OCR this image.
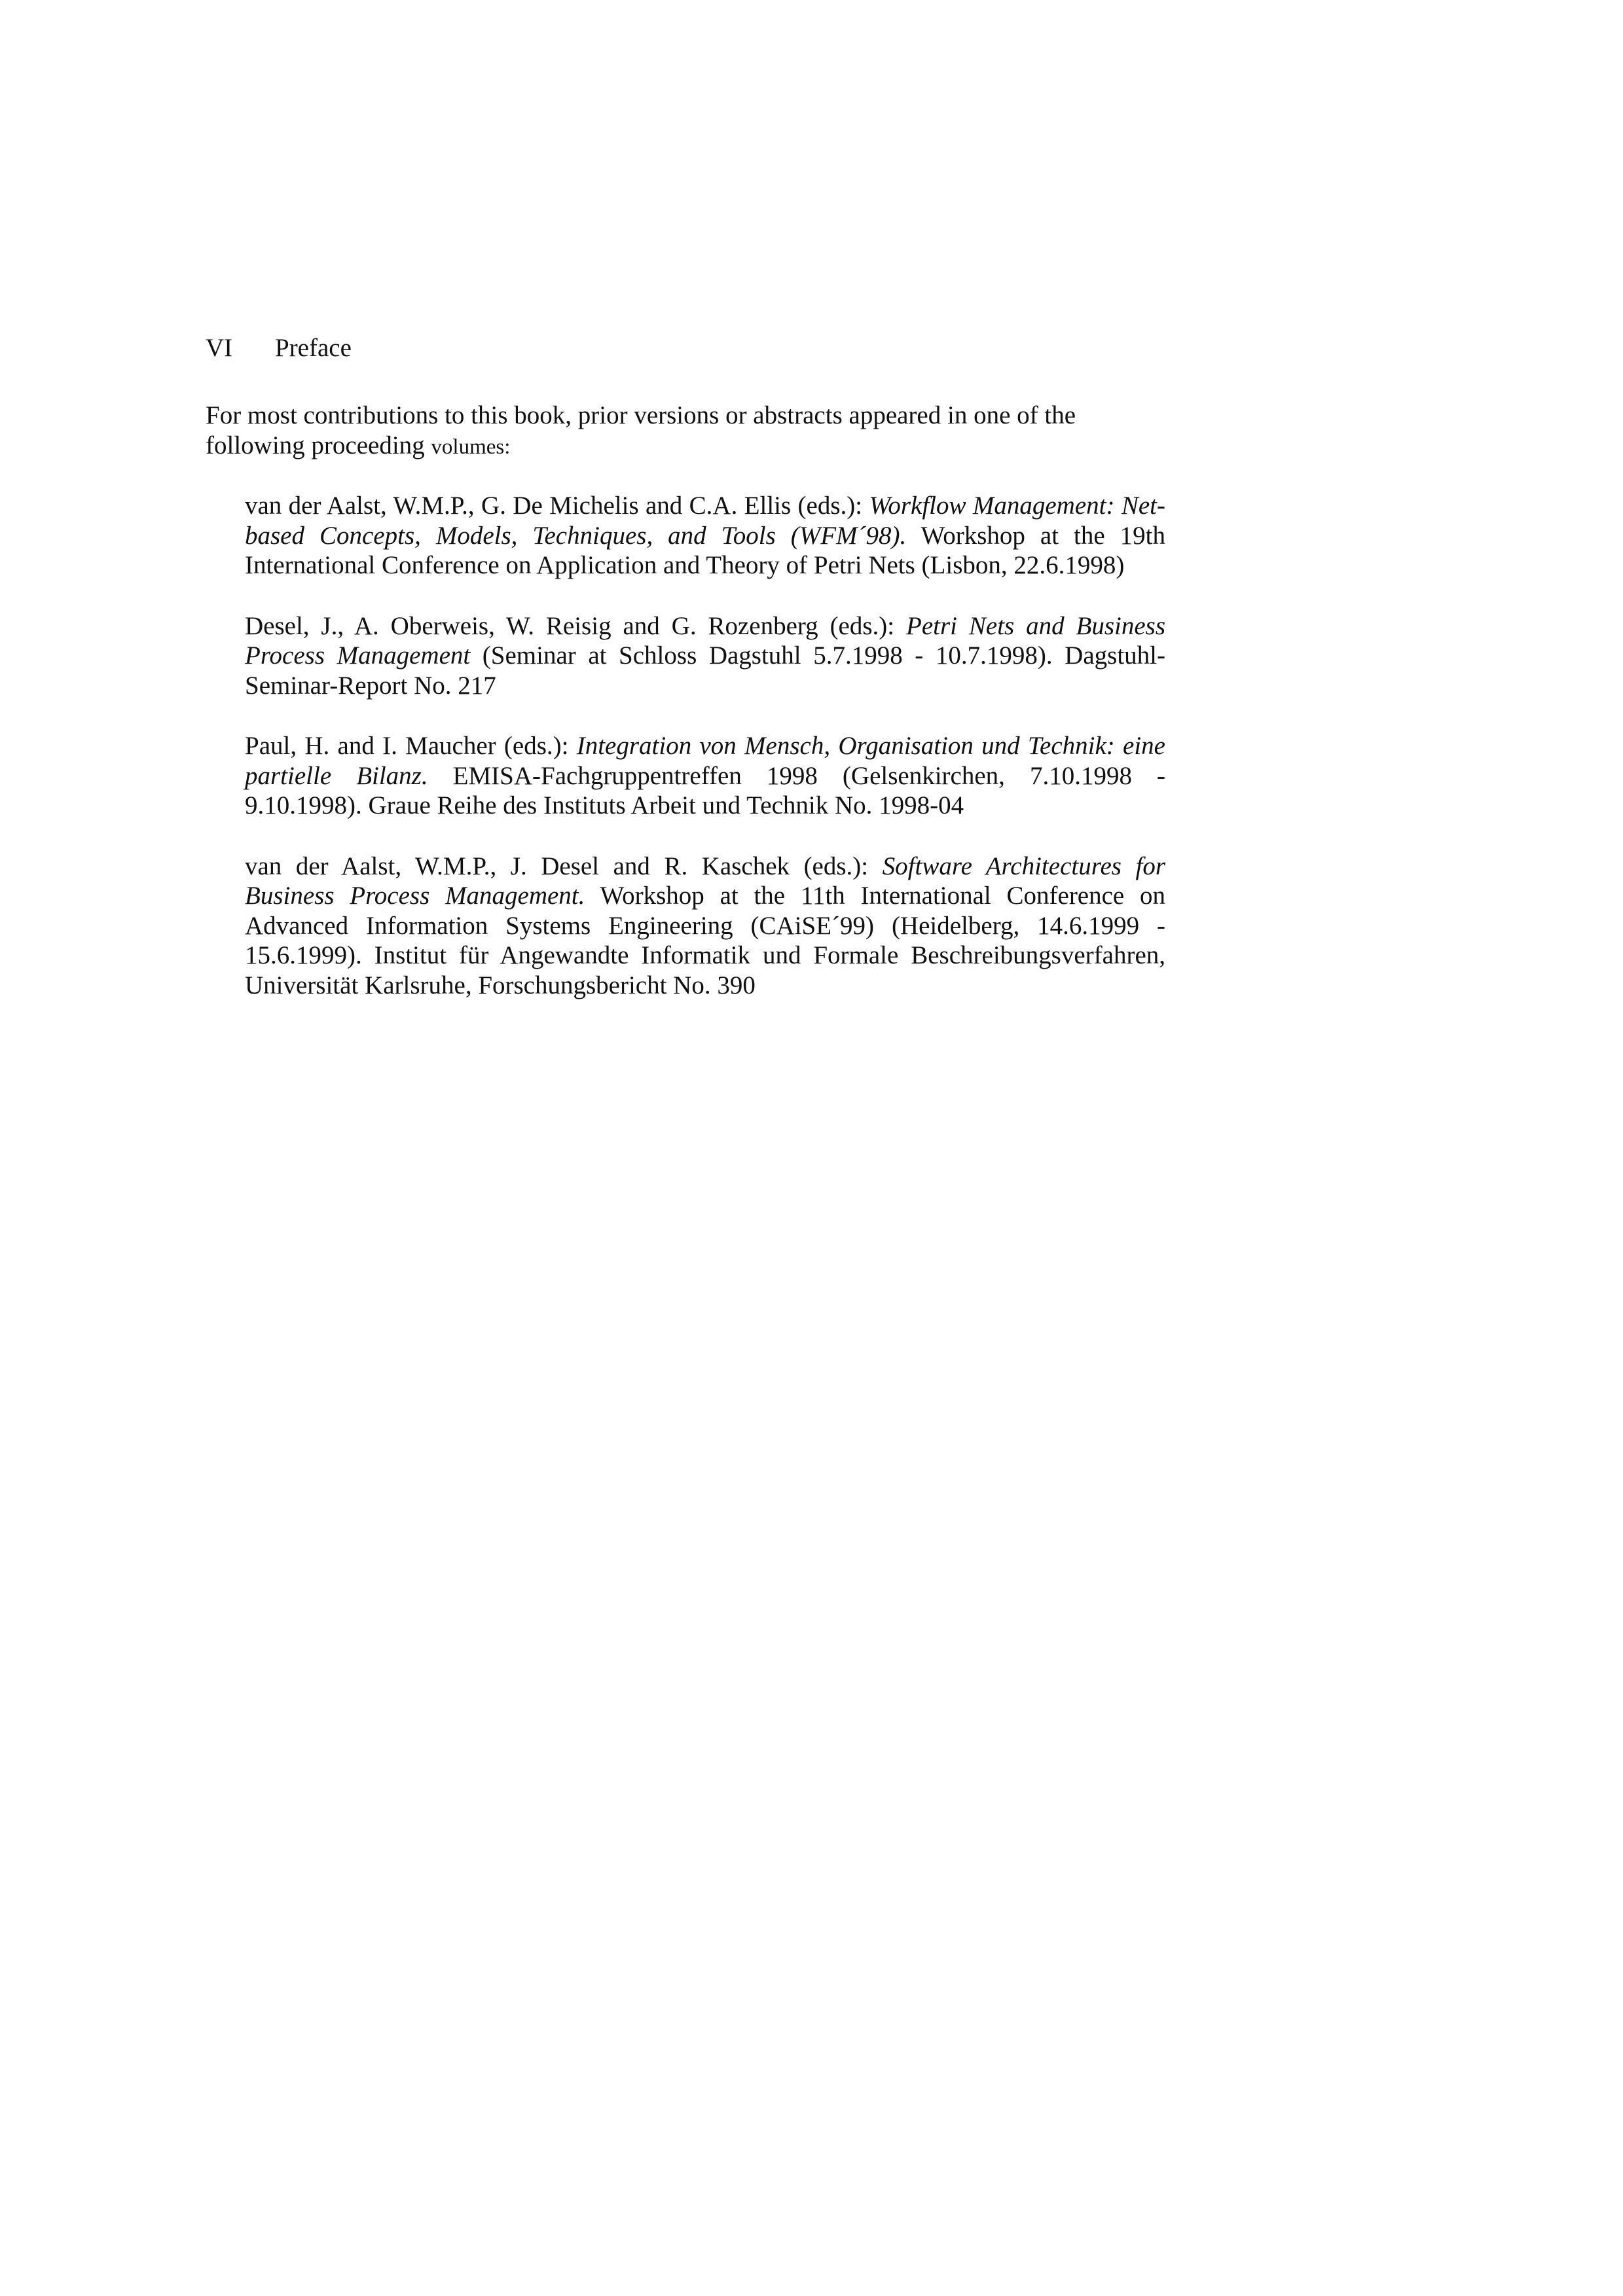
VI Preface

For most contributions to this book, prior versions or abstracts appeared in one of the following proceeding volumes:

van der Aalst, W.M.P., G. De Michelis and C.A. Ellis (eds.): Workflow Management: Net-based Concepts, Models, Techniques, and Tools (WFM´98). Workshop at the 19th International Conference on Application and Theory of Petri Nets (Lisbon, 22.6.1998)
Desel, J., A. Oberweis, W. Reisig and G. Rozenberg (eds.): Petri Nets and Business Process Management (Seminar at Schloss Dagstuhl 5.7.1998 - 10.7.1998). Dagstuhl-Seminar-Report No. 217
Paul, H. and I. Maucher (eds.): Integration von Mensch, Organisation und Technik: eine partielle Bilanz. EMISA-Fachgruppentreffen 1998 (Gelsenkirchen, 7.10.1998 - 9.10.1998). Graue Reihe des Instituts Arbeit und Technik No. 1998-04
van der Aalst, W.M.P., J. Desel and R. Kaschek (eds.): Software Architectures for Business Process Management. Workshop at the 11th International Conference on Advanced Information Systems Engineering (CAiSE´99) (Heidelberg, 14.6.1999 - 15.6.1999). Institut für Angewandte Informatik und Formale Beschreibungsverfahren, Universität Karlsruhe, Forschungsbericht No. 390
